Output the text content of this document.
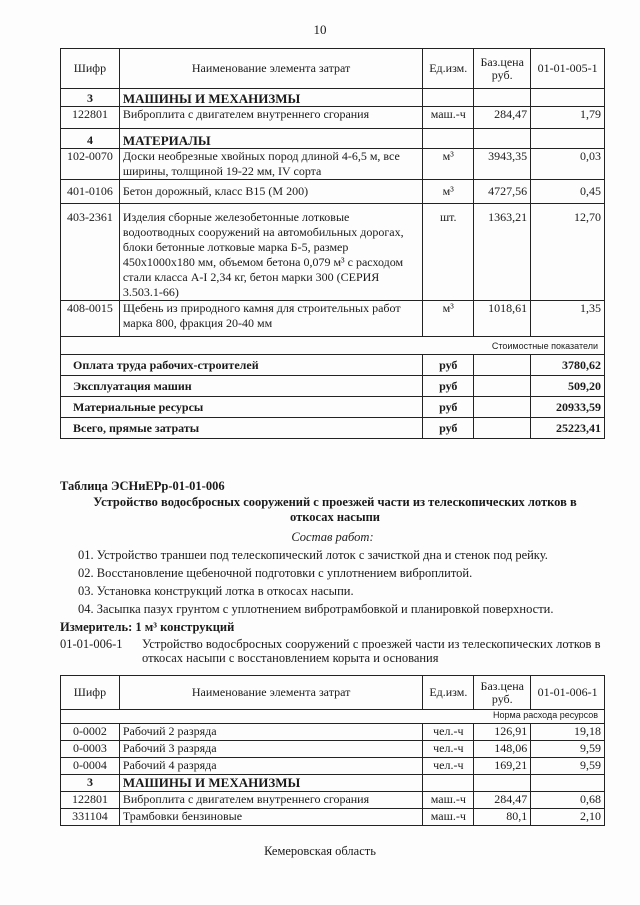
10
Шифр	Наименование элемента затрат	Ед.изм.	Баз.цена руб.	01-01-005-1
3	МАШИНЫ И МЕХАНИЗМЫ			
122801	Виброплита с двигателем внутреннего сгорания	маш.-ч	284,47	1,79
4	МАТЕРИАЛЫ			
102-0070	Доски необрезные хвойных пород длиной 4-6,5 м, все ширины, толщиной 19-22 мм, IV сорта	м³	3943,35	0,03
401-0106	Бетон дорожный, класс B15 (М 200)	м³	4727,56	0,45
403-2361	Изделия сборные железобетонные лотковые водоотводных сооружений на автомобильных дорогах, блоки бетонные лотковые марка Б-5, размер 450х1000х180 мм, объемом бетона 0,079 м³ с расходом стали класса А-I 2,34 кг, бетон марки 300 (СЕРИЯ 3.503.1-66)	шт.	1363,21	12,70
408-0015	Щебень из природного камня для строительных работ марка 800, фракция 20-40 мм	м³	1018,61	1,35
Стоимостные показатели				
Оплата труда рабочих-строителей		руб		3780,62
Эксплуатация машин		руб		509,20
Материальные ресурсы		руб		20933,59
Всего, прямые затраты		руб		25223,41
Таблица ЭСНиЕРр-01-01-006
Устройство водосбросных сооружений с проезжей части из телескопических лотков в откосах насыпи
Состав работ:
01. Устройство траншеи под телескопический лоток с зачисткой дна и стенок под рейку.
02. Восстановление щебеночной подготовки с уплотнением виброплитой.
03. Установка конструкций лотка в откосах насыпи.
04. Засыпка пазух грунтом с уплотнением вибротрамбовкой и планировкой поверхности.
Измеритель: 1 м³ конструкций
01-01-006-1 Устройство водосбросных сооружений с проезжей части из телескопических лотков в откосах насыпи с восстановлением корыта и основания
Шифр	Наименование элемента затрат	Ед.изм.	Баз.цена руб.	01-01-006-1
Норма расхода ресурсов				
0-0002	Рабочий 2 разряда	чел.-ч	126,91	19,18
0-0003	Рабочий 3 разряда	чел.-ч	148,06	9,59
0-0004	Рабочий 4 разряда	чел.-ч	169,21	9,59
3	МАШИНЫ И МЕХАНИЗМЫ			
122801	Виброплита с двигателем внутреннего сгорания	маш.-ч	284,47	0,68
331104	Трамбовки бензиновые	маш.-ч	80,1	2,10
Кемеровская область
